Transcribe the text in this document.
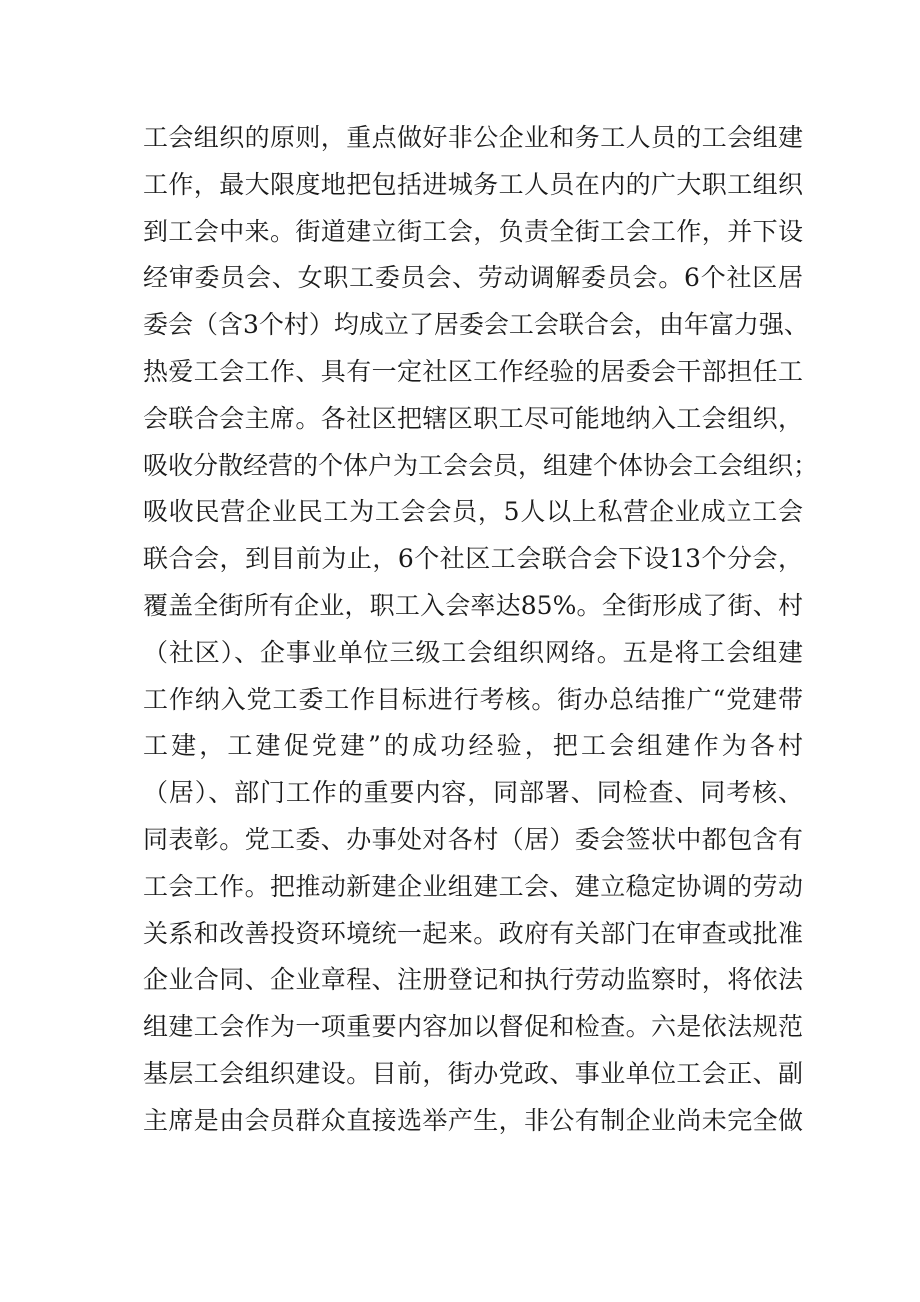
工会组织的原则，重点做好非公企业和务工人员的工会组建
工作，最大限度地把包括进城务工人员在内的广大职工组织
到工会中来。街道建立街工会，负责全街工会工作，并下设
经审委员会、女职工委员会、劳动调解委员会。6个社区居
委会（含3个村）均成立了居委会工会联合会，由年富力强、
热爱工会工作、具有一定社区工作经验的居委会干部担任工
会联合会主席。各社区把辖区职工尽可能地纳入工会组织，
吸收分散经营的个体户为工会会员，组建个体协会工会组织；
吸收民营企业民工为工会会员，5人以上私营企业成立工会
联合会，到目前为止，6个社区工会联合会下设13个分会，
覆盖全街所有企业，职工入会率达85%。全街形成了街、村
（社区）、企事业单位三级工会组织网络。五是将工会组建
工作纳入党工委工作目标进行考核。街办总结推广“党建带
工建，工建促党建”的成功经验，把工会组建作为各村
（居）、部门工作的重要内容，同部署、同检查、同考核、
同表彰。党工委、办事处对各村（居）委会签状中都包含有
工会工作。把推动新建企业组建工会、建立稳定协调的劳动
关系和改善投资环境统一起来。政府有关部门在审查或批准
企业合同、企业章程、注册登记和执行劳动监察时，将依法
组建工会作为一项重要内容加以督促和检查。六是依法规范
基层工会组织建设。目前，街办党政、事业单位工会正、副
主席是由会员群众直接选举产生，非公有制企业尚未完全做
